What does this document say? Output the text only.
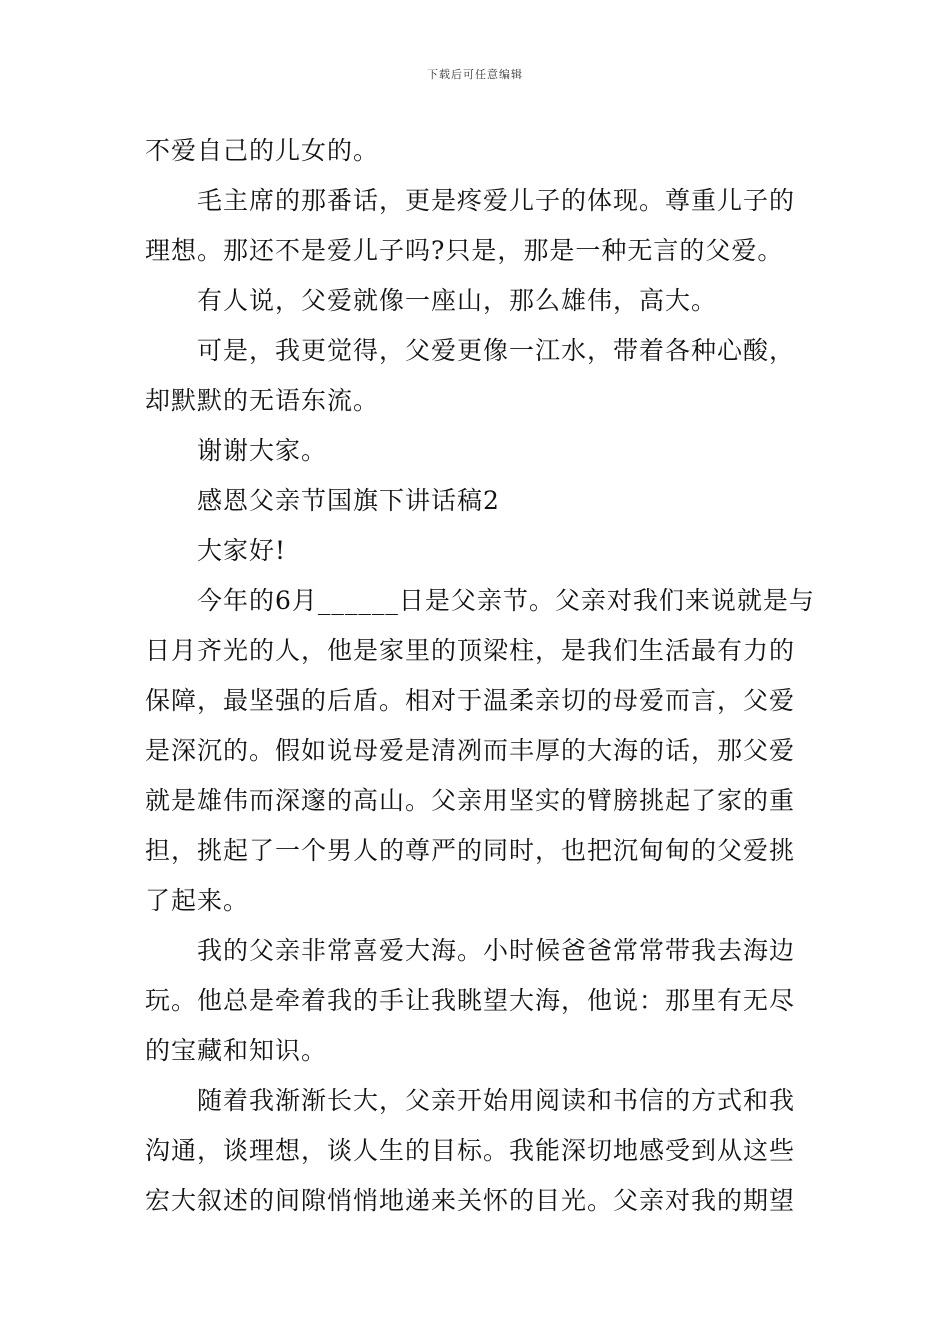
下载后可任意编辑
不爱自己的儿女的。
毛主席的那番话，更是疼爱儿子的体现。尊重儿子的
理想。那还不是爱儿子吗?只是，那是一种无言的父爱。
有人说，父爱就像一座山，那么雄伟，高大。
可是，我更觉得，父爱更像一江水，带着各种心酸，
却默默的无语东流。
谢谢大家。
感恩父亲节国旗下讲话稿2
大家好!
今年的6月______日是父亲节。父亲对我们来说就是与
日月齐光的人，他是家里的顶梁柱，是我们生活最有力的
保障，最坚强的后盾。相对于温柔亲切的母爱而言，父爱
是深沉的。假如说母爱是清冽而丰厚的大海的话，那父爱
就是雄伟而深邃的高山。父亲用坚实的臂膀挑起了家的重
担，挑起了一个男人的尊严的同时，也把沉甸甸的父爱挑
了起来。
我的父亲非常喜爱大海。小时候爸爸常常带我去海边
玩。他总是牵着我的手让我眺望大海，他说：那里有无尽
的宝藏和知识。
随着我渐渐长大，父亲开始用阅读和书信的方式和我
沟通，谈理想，谈人生的目标。我能深切地感受到从这些
宏大叙述的间隙悄悄地递来关怀的目光。父亲对我的期望
